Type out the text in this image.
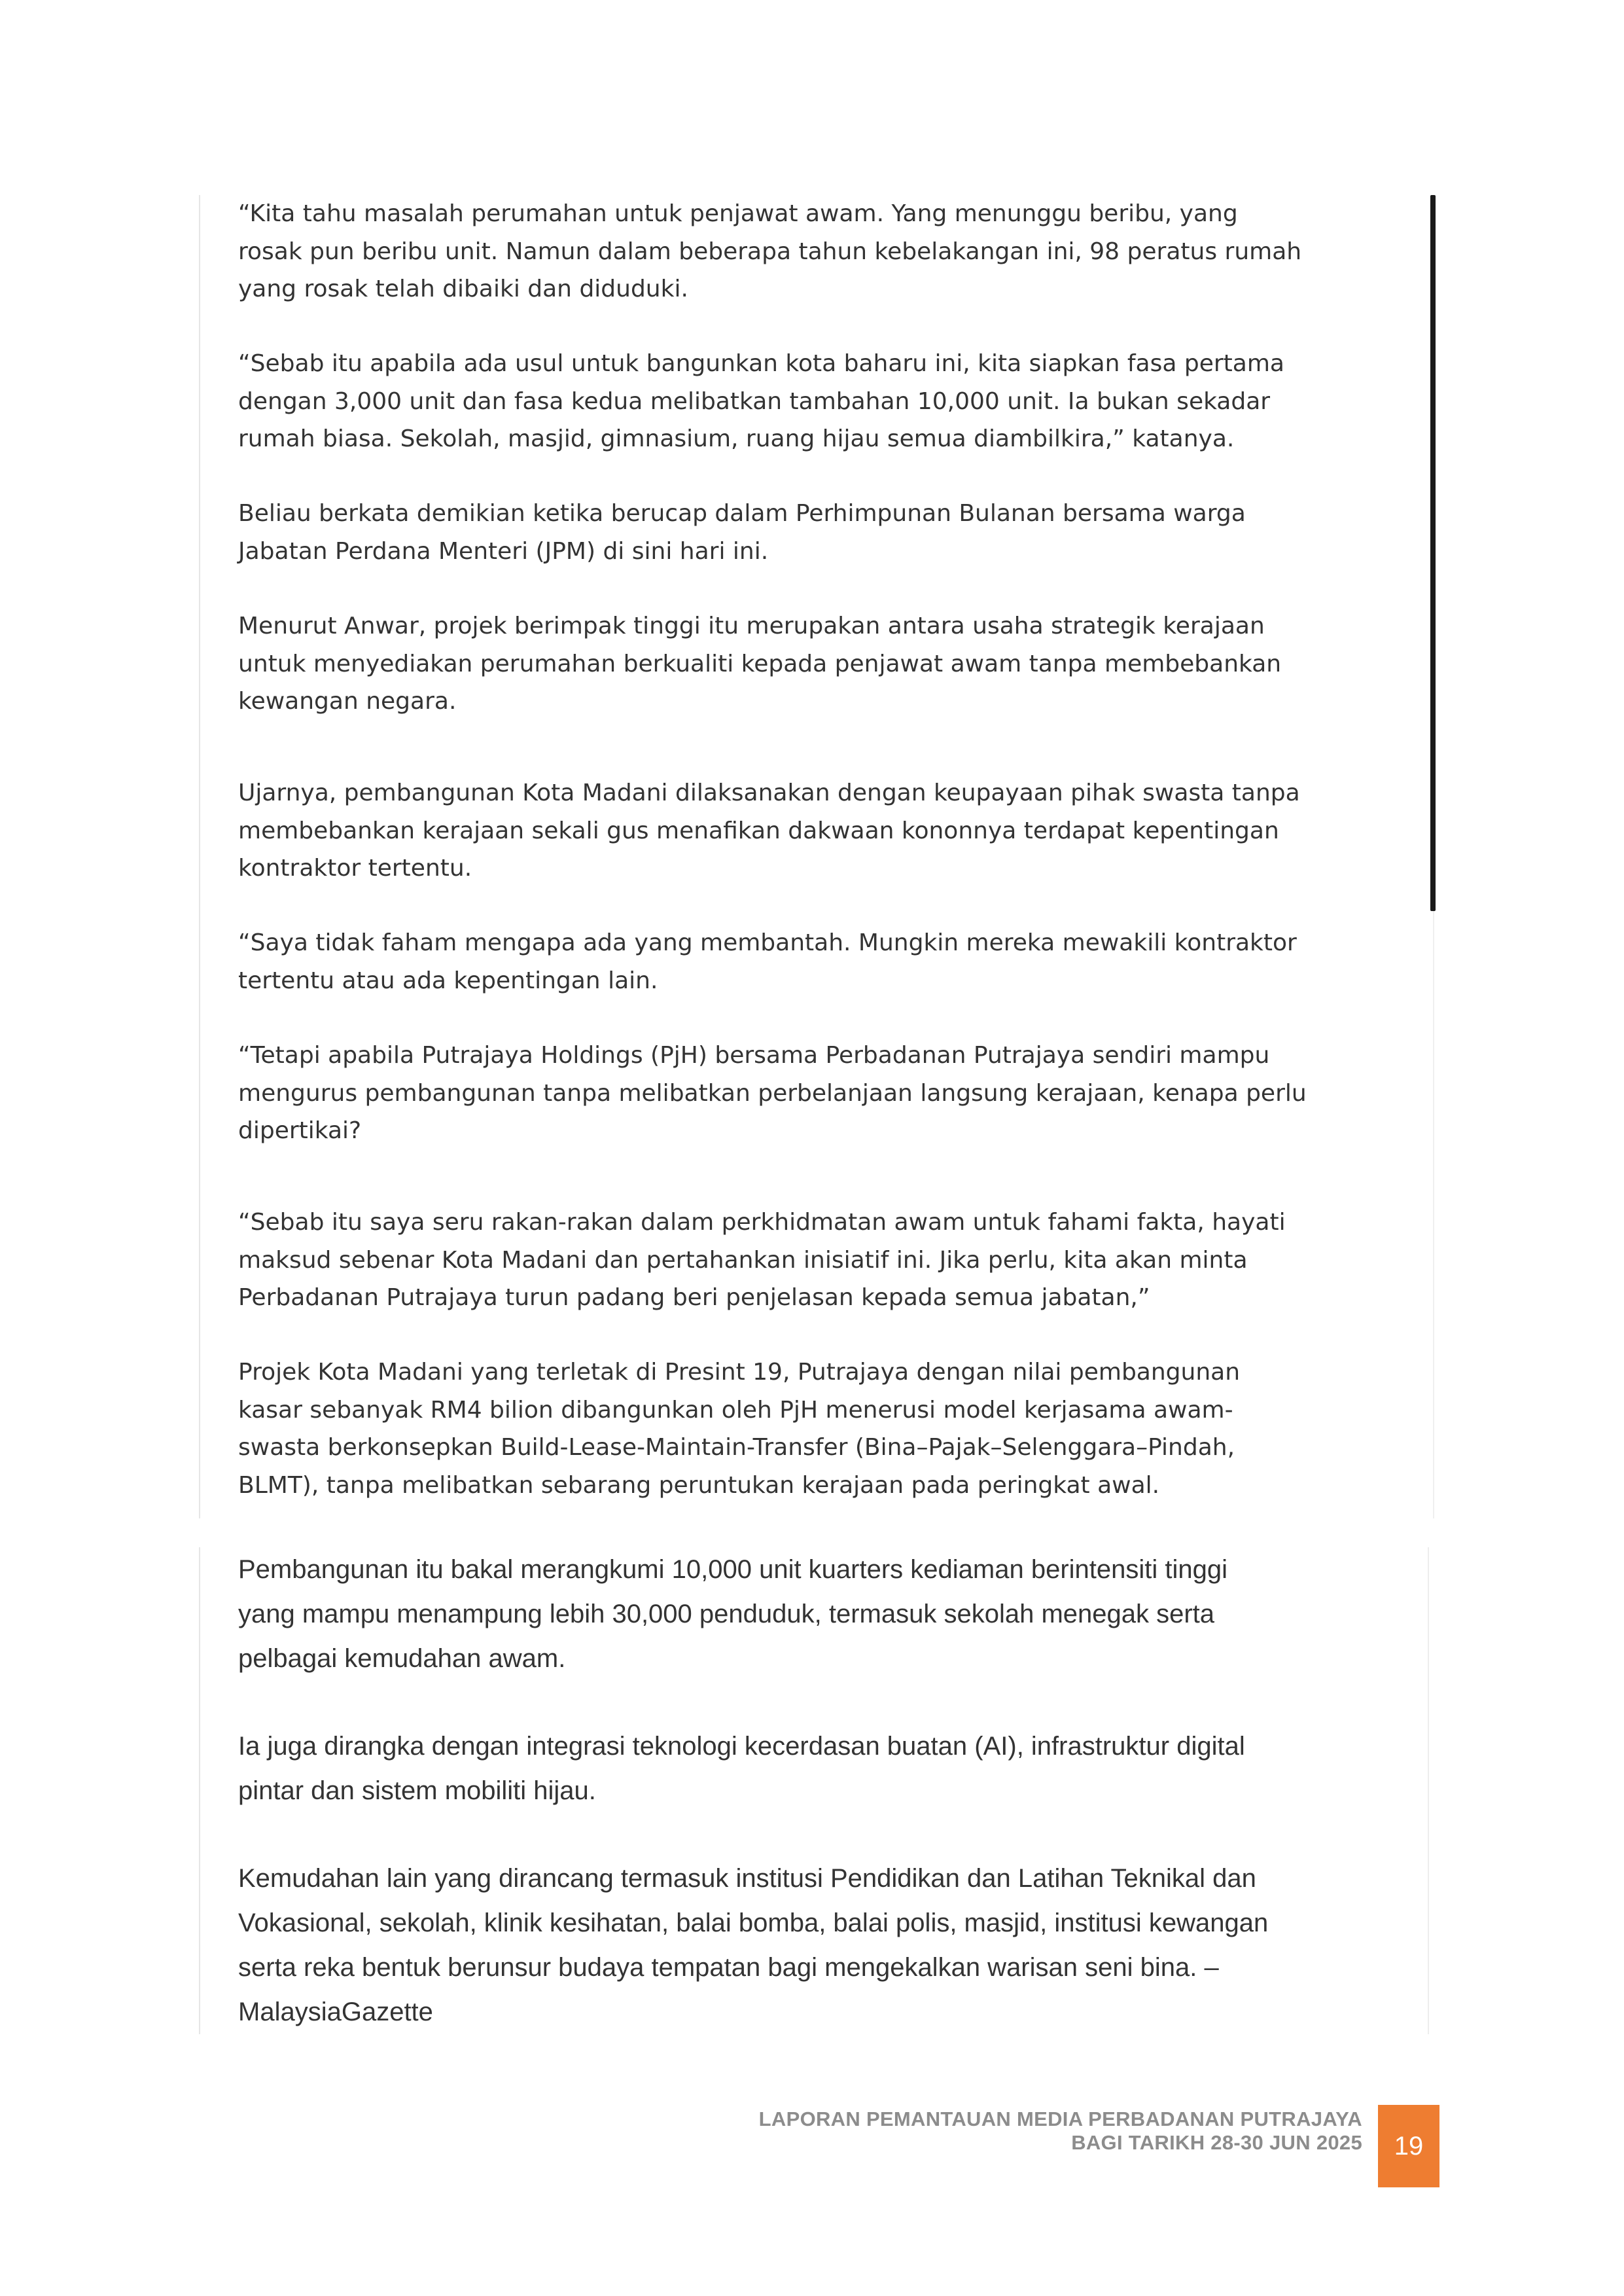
“Kita tahu masalah perumahan untuk penjawat awam. Yang menunggu beribu, yang
rosak pun beribu unit. Namun dalam beberapa tahun kebelakangan ini, 98 peratus rumah
yang rosak telah dibaiki dan diduduki.

“Sebab itu apabila ada usul untuk bangunkan kota baharu ini, kita siapkan fasa pertama
dengan 3,000 unit dan fasa kedua melibatkan tambahan 10,000 unit. Ia bukan sekadar
rumah biasa. Sekolah, masjid, gimnasium, ruang hijau semua diambilkira,” katanya.

Beliau berkata demikian ketika berucap dalam Perhimpunan Bulanan bersama warga
Jabatan Perdana Menteri (JPM) di sini hari ini.

Menurut Anwar, projek berimpak tinggi itu merupakan antara usaha strategik kerajaan
untuk menyediakan perumahan berkualiti kepada penjawat awam tanpa membebankan
kewangan negara.

Ujarnya, pembangunan Kota Madani dilaksanakan dengan keupayaan pihak swasta tanpa
membebankan kerajaan sekali gus menafikan dakwaan kononnya terdapat kepentingan
kontraktor tertentu.

“Saya tidak faham mengapa ada yang membantah. Mungkin mereka mewakili kontraktor
tertentu atau ada kepentingan lain.

“Tetapi apabila Putrajaya Holdings (PjH) bersama Perbadanan Putrajaya sendiri mampu
mengurus pembangunan tanpa melibatkan perbelanjaan langsung kerajaan, kenapa perlu
dipertikai?

“Sebab itu saya seru rakan-rakan dalam perkhidmatan awam untuk fahami fakta, hayati
maksud sebenar Kota Madani dan pertahankan inisiatif ini. Jika perlu, kita akan minta
Perbadanan Putrajaya turun padang beri penjelasan kepada semua jabatan,”

Projek Kota Madani yang terletak di Presint 19, Putrajaya dengan nilai pembangunan
kasar sebanyak RM4 bilion dibangunkan oleh PjH menerusi model kerjasama awam-
swasta berkonsepkan Build-Lease-Maintain-Transfer (Bina–Pajak–Selenggara–Pindah,
BLMT), tanpa melibatkan sebarang peruntukan kerajaan pada peringkat awal.

Pembangunan itu bakal merangkumi 10,000 unit kuarters kediaman berintensiti tinggi
yang mampu menampung lebih 30,000 penduduk, termasuk sekolah menegak serta
pelbagai kemudahan awam.

Ia juga dirangka dengan integrasi teknologi kecerdasan buatan (AI), infrastruktur digital
pintar dan sistem mobiliti hijau.

Kemudahan lain yang dirancang termasuk institusi Pendidikan dan Latihan Teknikal dan
Vokasional, sekolah, klinik kesihatan, balai bomba, balai polis, masjid, institusi kewangan
serta reka bentuk berunsur budaya tempatan bagi mengekalkan warisan seni bina. –
MalaysiaGazette

LAPORAN PEMANTAUAN MEDIA PERBADANAN PUTRAJAYA
BAGI TARIKH 28-30 JUN 2025 19
